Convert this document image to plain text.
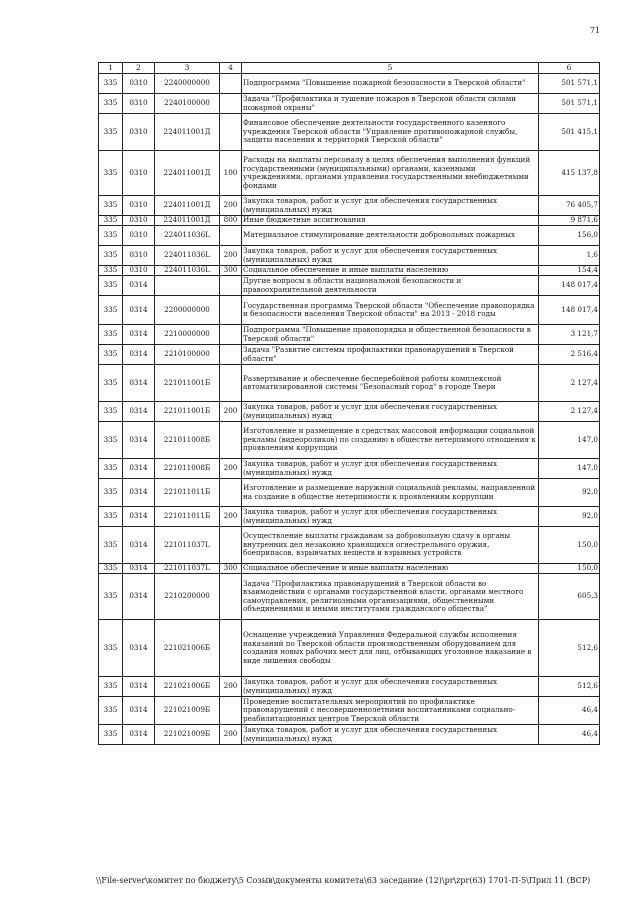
71
1	2	3	4	5	6
335	0310	2240000000		Подпрограмма "Повышение пожарной безопасности в Тверской области"	501 571,1
335	0310	2240100000		Задача "Профилактика и тушение пожаров в Тверской области силами пожарной охраны"	501 571,1
335	0310	224011001Д		Финансовое обеспечение деятельности государственного казенного учреждения Тверской области "Управление противопожарной службы, защиты населения и территорий Тверской области"	501 415,1
335	0310	224011001Д	100	Расходы на выплаты персоналу в целях обеспечения выполнения функций государственными (муниципальными) органами, казенными учреждениями, органами управления государственными внебюджетными фондами	415 137,8
335	0310	224011001Д	200	Закупка товаров, работ и услуг для обеспечения государственных (муниципальных) нужд	76 405,7
335	0310	224011001Д	800	Иные бюджетные ассигнования	9 871,6
335	0310	224011036L		Материальное стимулирование деятельности добровольных пожарных	156,0
335	0310	224011036L	200	Закупка товаров, работ и услуг для обеспечения государственных (муниципальных) нужд	1,6
335	0310	224011036L	300	Социальное обеспечение и иные выплаты населению	154,4
335	0314			Другие вопросы в области национальной безопасности и правоохранительной деятельности	148 017,4
335	0314	2200000000		Государственная программа Тверской области "Обеспечение правопорядка и безопасности населения Тверской области" на 2013 - 2018 годы	148 017,4
335	0314	2210000000		Подпрограмма "Повышение правопорядка и общественной безопасности в Тверской области"	3 121,7
335	0314	2210100000		Задача "Развитие системы профилактики правонарушений в Тверской области"	2 516,4
335	0314	221011001Б		Развертывание и обеспечение бесперебойной работы комплексной автоматизированной системы "Безопасный город" в городе Твери	2 127,4
335	0314	221011001Б	200	Закупка товаров, работ и услуг для обеспечения государственных (муниципальных) нужд	2 127,4
335	0314	221011008Б		Изготовление и размещение в средствах массовой информации социальной рекламы (видеороликов) по созданию в обществе нетерпимого отношения к проявлениям коррупции	147,0
335	0314	221011008Б	200	Закупка товаров, работ и услуг для обеспечения государственных (муниципальных) нужд	147,0
335	0314	221011011Б		Изготовление и размещение наружной социальной рекламы, направленной на создание в обществе нетерпимости к проявлениям коррупции	92,0
335	0314	221011011Б	200	Закупка товаров, работ и услуг для обеспечения государственных (муниципальных) нужд	92,0
335	0314	221011037L		Осуществление выплаты гражданам за добровольную сдачу в органы внутренних дел незаконно хранящихся огнестрельного оружия, боеприпасов, взрывчатых веществ и взрывных устройств	150,0
335	0314	221011037L	300	Социальное обеспечение и иные выплаты населению	150,0
335	0314	2210200000		Задача "Профилактика правонарушений в Тверской области во взаимодействии с органами государственной власти, органами местного самоуправления, религиозными организациями, общественными объединениями и иными институтами гражданского общества"	605,3
335	0314	221021006Б		Оснащение учреждений Управления Федеральной службы исполнения наказаний по Тверской области производственным оборудованием для создания новых рабочих мест для лиц, отбывающих уголовное наказание в виде лишения свободы	512,6
335	0314	221021006Б	200	Закупка товаров, работ и услуг для обеспечения государственных (муниципальных) нужд	512,6
335	0314	221021009Б		Проведение воспитательных мероприятий по профилактике правонарушений с несовершеннолетними воспитанниками социально-реабилитационных центров Тверской области	46,4
335	0314	221021009Б	200	Закупка товаров, работ и услуг для обеспечения государственных (муниципальных) нужд	46,4
\\File-server\комитет по бюджету\5 Созыв\документы комитета\63 заседание (12)\pr\zpr(63) 1701-П-5\Прил 11 (ВСР)
